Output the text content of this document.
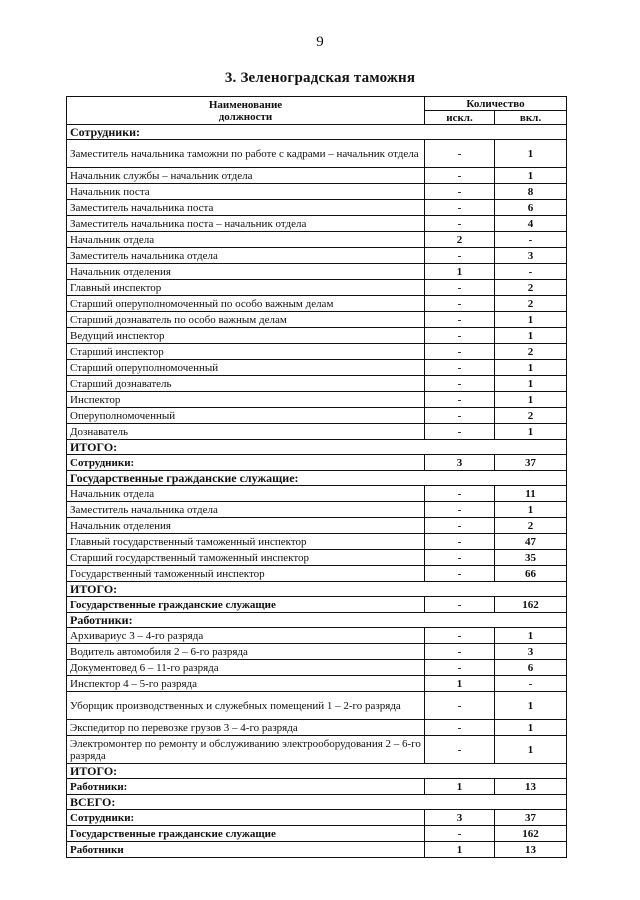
9
3. Зеленоградская таможня
Наименование
должности	Количество	
	искл.	вкл.
Сотрудники:		
Заместитель начальника таможни по работе с кадрами – начальник отдела	-	1
Начальник службы – начальник отдела	-	1
Начальник поста	-	8
Заместитель начальника поста	-	6
Заместитель начальника поста – начальник отдела	-	4
Начальник отдела	2	-
Заместитель начальника отдела	-	3
Начальник отделения	1	-
Главный инспектор	-	2
Старший оперуполномоченный по особо важным делам	-	2
Старший дознаватель по особо важным делам	-	1
Ведущий инспектор	-	1
Старший инспектор	-	2
Старший оперуполномоченный	-	1
Старший дознаватель	-	1
Инспектор	-	1
Оперуполномоченный	-	2
Дознаватель	-	1
ИТОГО:		
Сотрудники:	3	37
Государственные гражданские служащие:		
Начальник отдела	-	11
Заместитель начальника отдела	-	1
Начальник отделения	-	2
Главный государственный таможенный инспектор	-	47
Старший государственный таможенный инспектор	-	35
Государственный таможенный инспектор	-	66
ИТОГО:		
Государственные гражданские служащие	-	162
Работники:		
Архивариус 3 – 4-го разряда	-	1
Водитель автомобиля 2 – 6-го разряда	-	3
Документовед 6 – 11-го разряда	-	6
Инспектор 4 – 5-го разряда	1	-
Уборщик производственных и служебных помещений 1 – 2-го разряда	-	1
Экспедитор по перевозке грузов 3 – 4-го разряда	-	1
Электромонтер по ремонту и обслуживанию электрооборудования 2 – 6-го разряда	-	1
ИТОГО:		
Работники:	1	13
ВСЕГО:		
Сотрудники:	3	37
Государственные гражданские служащие	-	162
Работники	1	13
